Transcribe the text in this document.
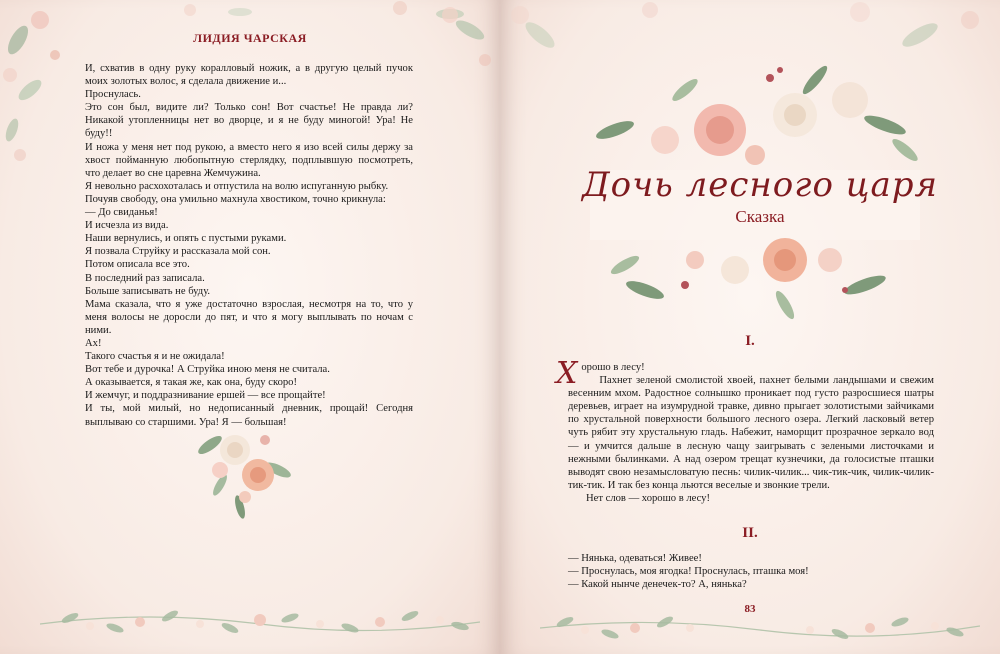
ЛИДИЯ ЧАРСКАЯ

И, схватив в одну руку коралловый ножик, а в другую целый пучок моих золотых волос, я сделала движение и...

Проснулась.

Это сон был, видите ли? Только сон! Вот счастье! Не правда ли? Никакой утопленницы нет во дворце, и я не буду миногой! Ура! Не буду!!

И ножа у меня нет под рукою, а вместо него я изо всей силы держу за хвост пойманную любопытную стерлядку, подплывшую посмотреть, что делает во сне царевна Жемчужина.

Я невольно расхохоталась и отпустила на волю испуганную рыбку.

Почуяв свободу, она умильно махнула хвостиком, точно крикнула:

— До свиданья!

И исчезла из вида.

Наши вернулись, и опять с пустыми руками.

Я позвала Струйку и рассказала мой сон.

Потом описала все это.

В последний раз записала.

Больше записывать не буду.

Мама сказала, что я уже достаточно взрослая, несмотря на то, что у меня волосы не доросли до пят, и что я могу выплывать по ночам с ними.

Ах!

Такого счастья я и не ожидала!

Вот тебе и дурочка! А Струйка иною меня не считала.

А оказывается, я такая же, как она, буду скоро!

И жемчуг, и поддразнивание ершей — все прощайте!

И ты, мой милый, но недописанный дневник, прощай! Сегодня выплываю со старшими. Ура! Я — большая!

Дочь лесного царя
Сказка
I.

Х орошо в лесу!

Пахнет зеленой смолистой хвоей, пахнет белыми ландышами и свежим весенним мхом. Радостное солнышко проникает под густо разросшиеся шатры деревьев, играет на изумрудной травке, дивно прыгает золотистыми зайчиками по хрустальной поверхности большого лесного озера. Легкий ласковый ветер чуть рябит эту хрустальную гладь. Набежит, наморщит прозрачное зеркало вод — и умчится дальше в лесную чащу заигрывать с зелеными листочками и нежными былинками. А над озером трещат кузнечики, да голосистые пташки выводят свою незамысловатую песнь: чилик-чилик... чик-тик-чик, чилик-чилик-тик-тик. И так без конца льются веселые и звонкие трели.

Нет слов — хорошо в лесу!

II.

— Нянька, одеваться! Живее!

— Проснулась, моя ягодка! Проснулась, пташка моя!

— Какой нынче денечек-то? А, нянька?

83
